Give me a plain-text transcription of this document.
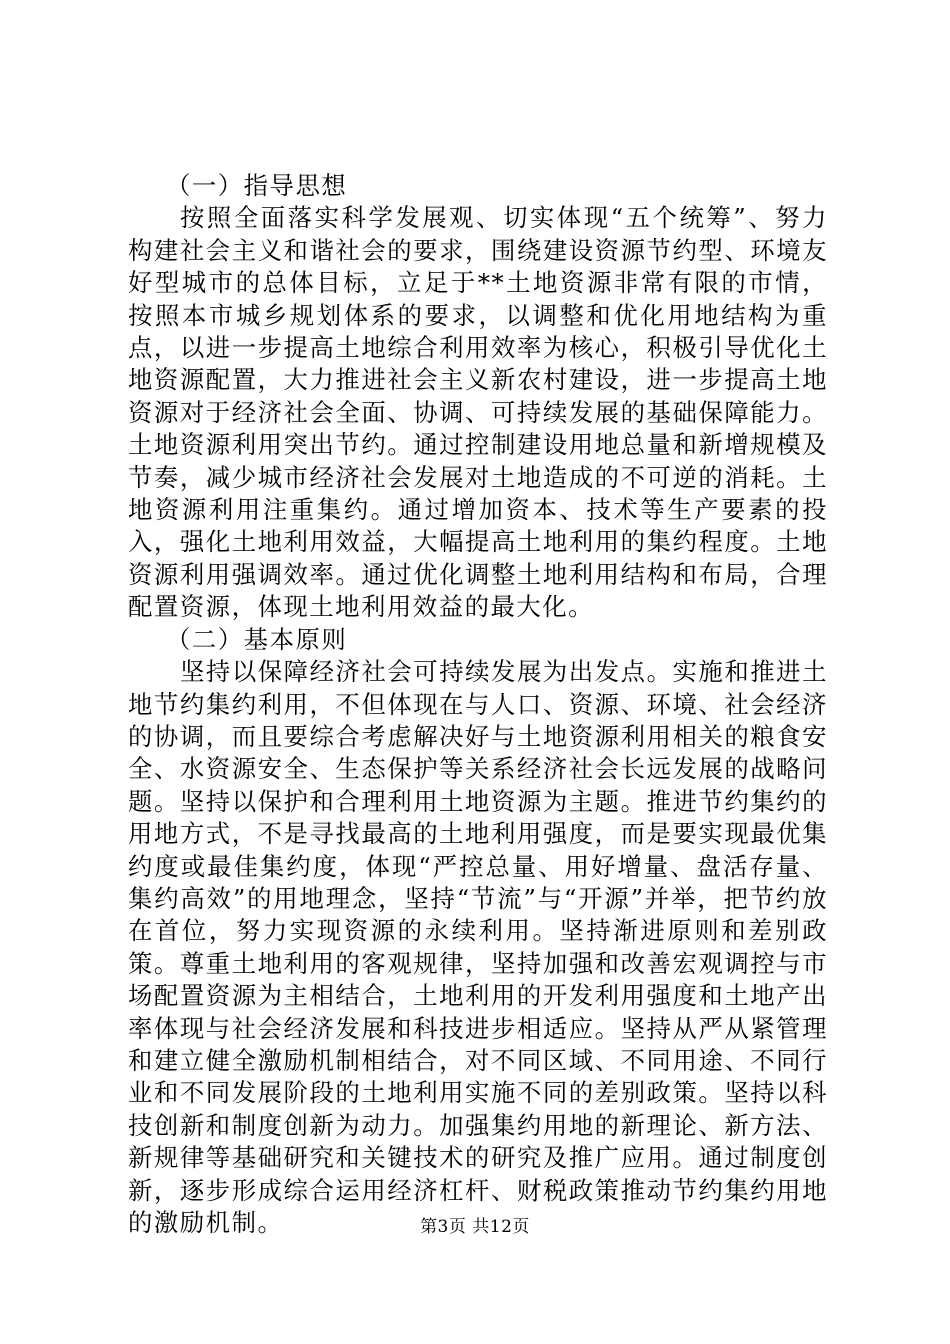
（一）指导思想

按照全面落实科学发展观、切实体现“五个统筹”、努力构建社会主义和谐社会的要求，围绕建设资源节约型、环境友好型城市的总体目标，立足于**土地资源非常有限的市情，按照本市城乡规划体系的要求，以调整和优化用地结构为重点，以进一步提高土地综合利用效率为核心，积极引导优化土地资源配置，大力推进社会主义新农村建设，进一步提高土地资源对于经济社会全面、协调、可持续发展的基础保障能力。土地资源利用突出节约。通过控制建设用地总量和新增规模及节奏，减少城市经济社会发展对土地造成的不可逆的消耗。土地资源利用注重集约。通过增加资本、技术等生产要素的投入，强化土地利用效益，大幅提高土地利用的集约程度。土地资源利用强调效率。通过优化调整土地利用结构和布局，合理配置资源，体现土地利用效益的最大化。

（二）基本原则

坚持以保障经济社会可持续发展为出发点。实施和推进土地节约集约利用，不但体现在与人口、资源、环境、社会经济的协调，而且要综合考虑解决好与土地资源利用相关的粮食安全、水资源安全、生态保护等关系经济社会长远发展的战略问题。坚持以保护和合理利用土地资源为主题。推进节约集约的用地方式，不是寻找最高的土地利用强度，而是要实现最优集约度或最佳集约度，体现“严控总量、用好增量、盘活存量、集约高效”的用地理念，坚持“节流”与“开源”并举，把节约放在首位，努力实现资源的永续利用。坚持渐进原则和差别政策。尊重土地利用的客观规律，坚持加强和改善宏观调控与市场配置资源为主相结合，土地利用的开发利用强度和土地产出率体现与社会经济发展和科技进步相适应。坚持从严从紧管理和建立健全激励机制相结合，对不同区域、不同用途、不同行业和不同发展阶段的土地利用实施不同的差别政策。坚持以科技创新和制度创新为动力。加强集约用地的新理论、新方法、新规律等基础研究和关键技术的研究及推广应用。通过制度创新，逐步形成综合运用经济杠杆、财税政策推动节约集约用地的激励机制。	第3页 共12页
